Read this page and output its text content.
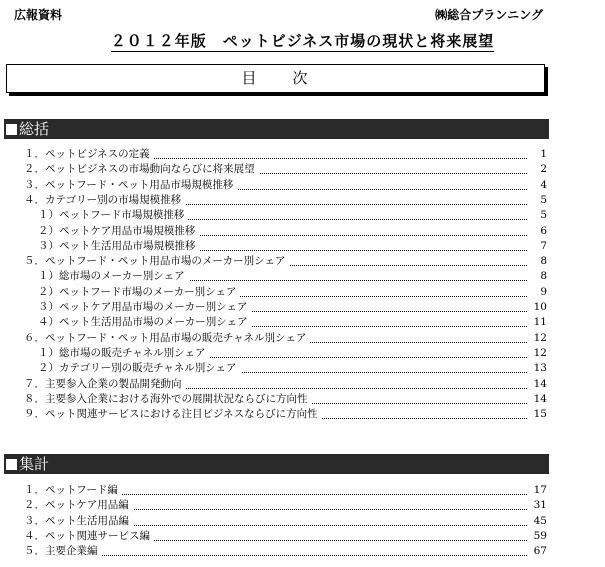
広報資料	㈱総合プランニング
２０１２年版　ペットビジネス市場の現状と将来展望
目　　次
総括
１．ペットビジネスの定義	1
２．ペットビジネスの市場動向ならびに将来展望	2
３．ペットフード・ペット用品市場規模推移	4
４．カテゴリー別の市場規模推移	5
１）ペットフード市場規模推移	5
２）ペットケア用品市場規模推移	6
３）ペット生活用品市場規模推移	7
５．ペットフード・ペット用品市場のメーカー別シェア	8
１）総市場のメーカー別シェア	8
２）ペットフード市場のメーカー別シェア	9
３）ペットケア用品市場のメーカー別シェア	10
４）ペット生活用品市場のメーカー別シェア	11
６．ペットフード・ペット用品市場の販売チャネル別シェア	12
１）総市場の販売チャネル別シェア	12
２）カテゴリー別の販売チャネル別シェア	13
７．主要参入企業の製品開発動向	14
８．主要参入企業における海外での展開状況ならびに方向性	14
９．ペット関連サービスにおける注目ビジネスならびに方向性	15
集計
１．ペットフード編	17
２．ペットケア用品編	31
３．ペット生活用品編	45
４．ペット関連サービス編	59
５．主要企業編	67
